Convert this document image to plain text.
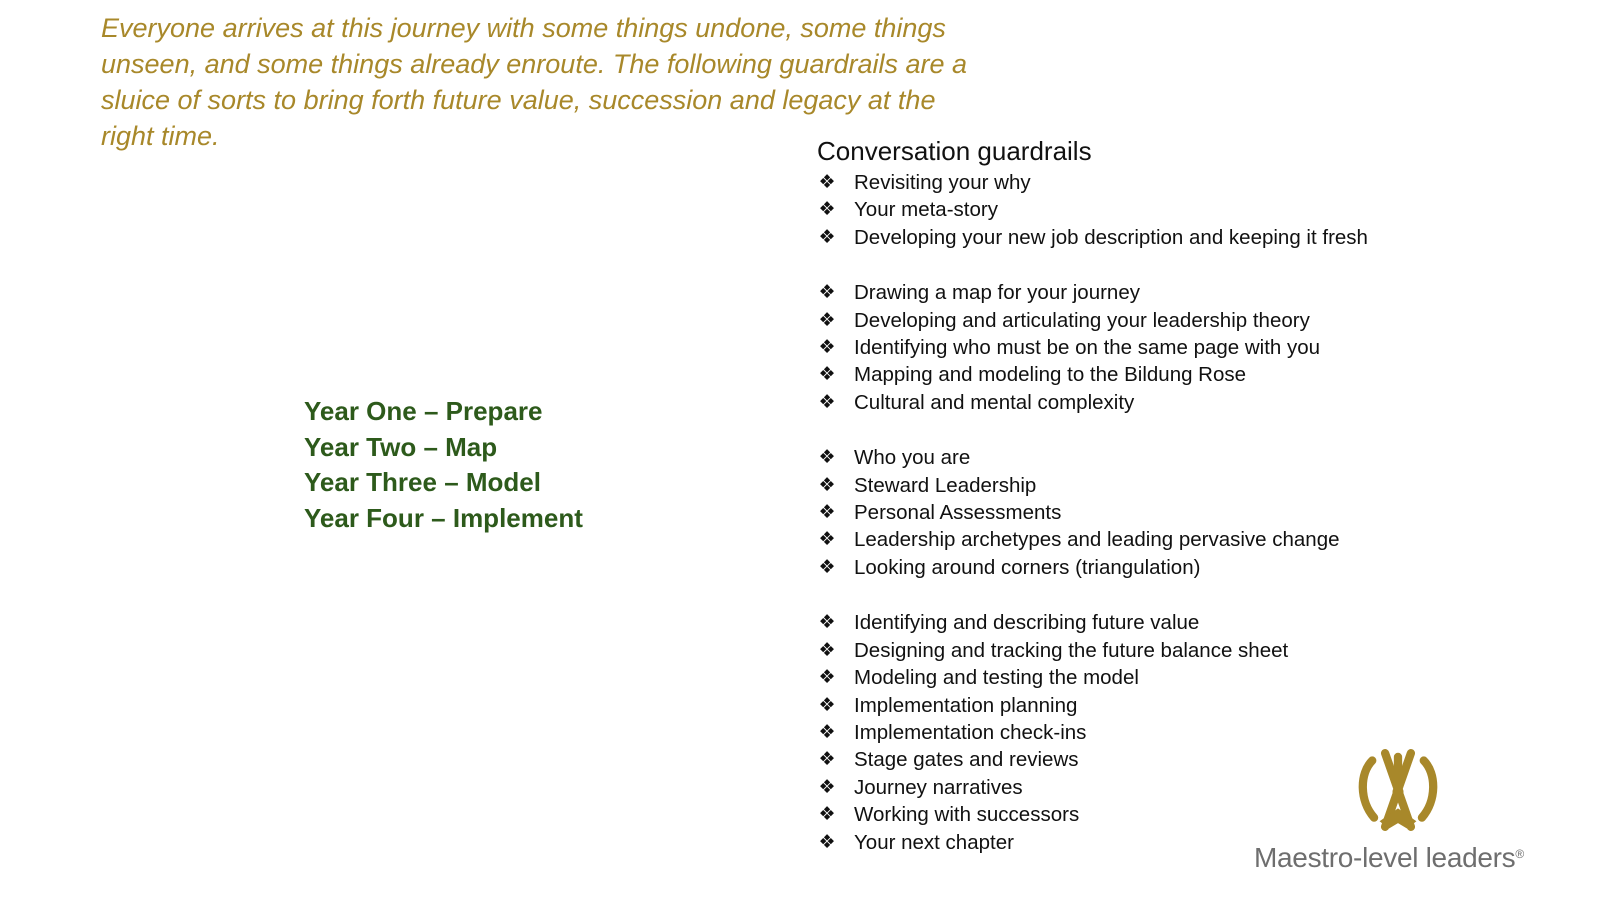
Everyone arrives at this journey with some things undone, some things unseen, and some things already enroute. The following guardrails are a sluice of sorts to bring forth future value, succession and legacy at the right time.

Year One – Prepare
Year Two – Map
Year Three – Model
Year Four – Implement
Conversation guardrails
❖ Revisiting your why
❖ Your meta-story
❖ Developing your new job description and keeping it fresh
❖ Drawing a map for your journey
❖ Developing and articulating your leadership theory
❖ Identifying who must be on the same page with you
❖ Mapping and modeling to the Bildung Rose
❖ Cultural and mental complexity
❖ Who you are
❖ Steward Leadership
❖ Personal Assessments
❖ Leadership archetypes and leading pervasive change
❖ Looking around corners (triangulation)
❖ Identifying and describing future value
❖ Designing and tracking the future balance sheet
❖ Modeling and testing the model
❖ Implementation planning
❖ Implementation check-ins
❖ Stage gates and reviews
❖ Journey narratives
❖ Working with successors
❖ Your next chapter	Maestro-level leaders®
